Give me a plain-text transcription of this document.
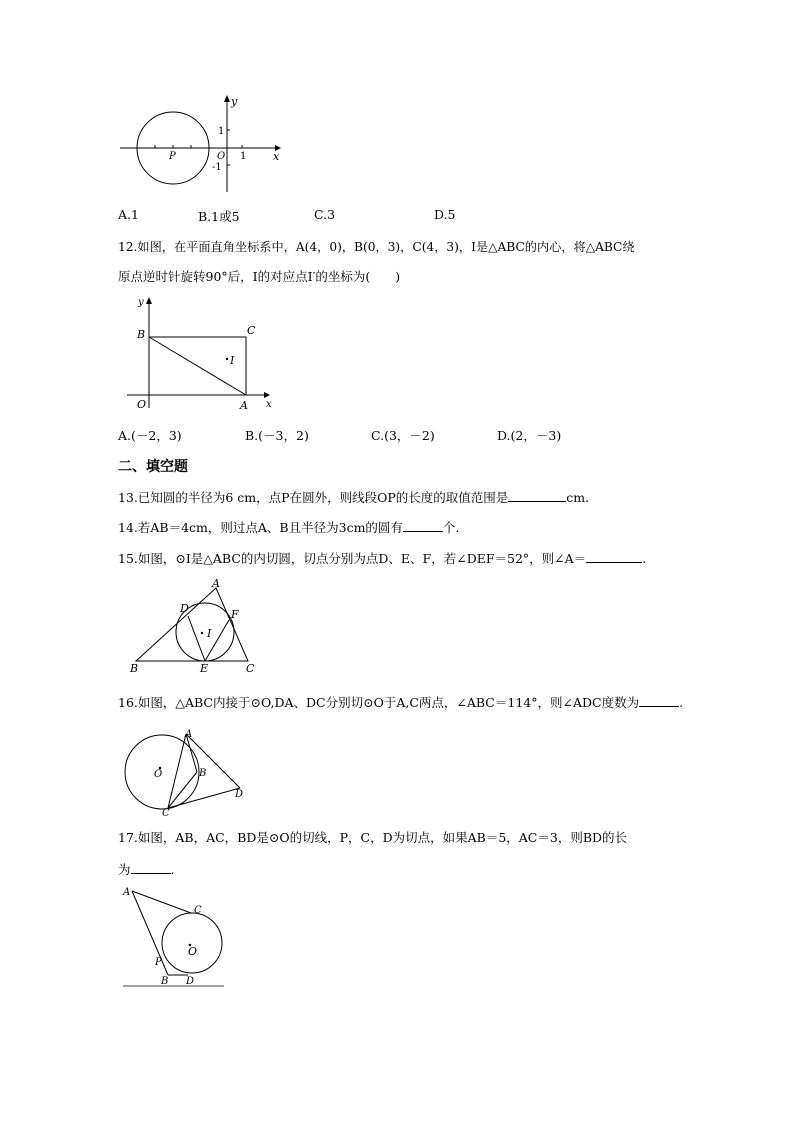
y
x
1
-1
O 1
P
A.1	B.1或5	C.3	D.5
12.如图，在平面直角坐标系中，A(4，0)，B(0，3)，C(4，3)，I是△ABC的内心，将△ABC绕
原点逆时针旋转90°后，I的对应点I′的坐标为(　　)
y
x
O	A
B	C
I
A.(－2，3)	B.(－3，2)	C.(3，－2)	D.(2，－3)
二、填空题
13.已知圆的半径为6 cm，点P在圆外，则线段OP的长度的取值范围是	cm.
14.若AB＝4cm，则过点A、B且半径为3cm的圆有	个.
15.如图，⊙I是△ABC的内切圆，切点分别为点D、E、F，若∠DEF＝52°，则∠A＝	.
A
B	C
D
E
F
I
16.如图，△ABC内接于⊙O,DA、DC分别切⊙O于A,C两点，∠ABC＝114°，则∠ADC度数为	.
A
B
C
D
O
17.如图，AB，AC，BD是⊙O的切线，P，C，D为切点，如果AB＝5，AC＝3，则BD的长
为	.
A
C
O
P
B D
